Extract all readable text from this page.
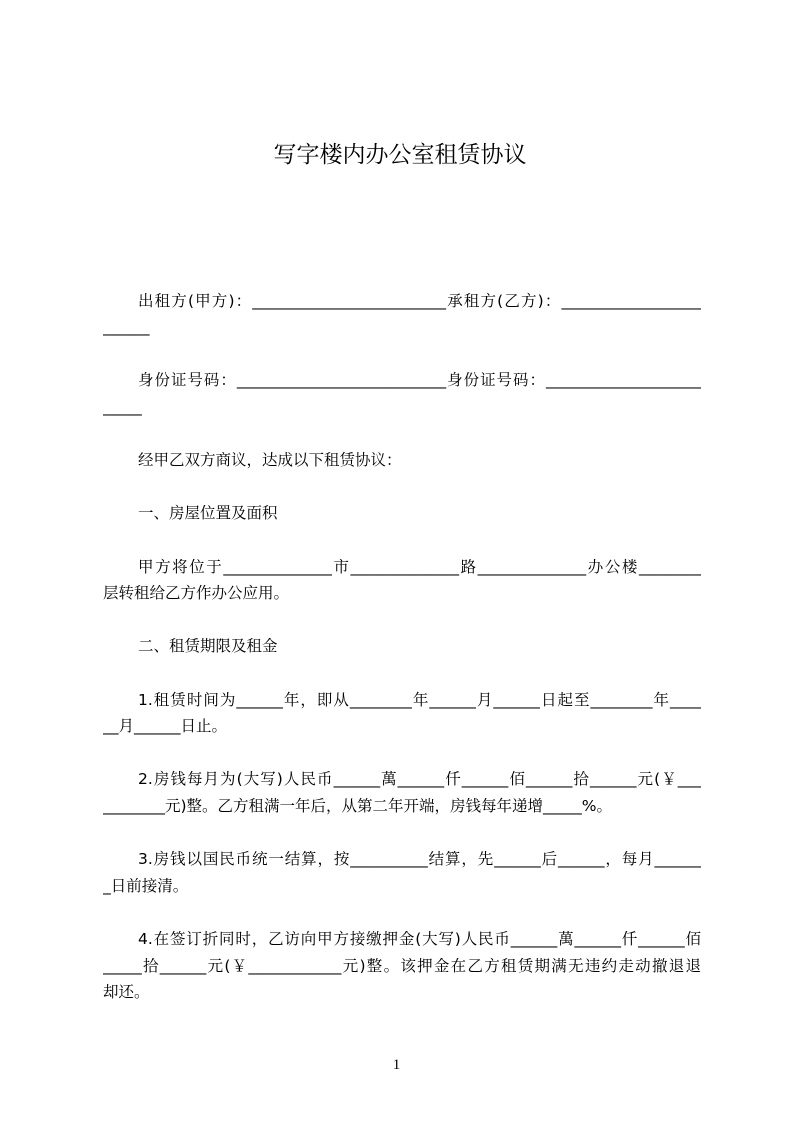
写字楼内办公室租赁协议
出租方(甲方)：_________________________承租方(乙方)：__________________
______
身份证号码：___________________________身份证号码：____________________
_____
经甲乙双方商议，达成以下租赁协议：
一、房屋位置及面积
甲方将位于______________市______________路______________办公楼________
层转租给乙方作办公应用。
二、租赁期限及租金
1.租赁时间为______年，即从________年______月______日起至________年____
__月______日止。
2.房钱每月为(大写)人民币______萬______仟______佰______拾______元(￥___
________元)整。乙方租满一年后，从第二年开端，房钱每年递增_____%。
3.房钱以国民币统一结算，按__________结算，先______后______，每月______
_日前接清。
4.在签订折同时，乙访向甲方接缴押金(大写)人民币______萬______仟______佰
_____拾______元(￥____________元)整。该押金在乙方租赁期满无违约走动撤退退
却还。
1
